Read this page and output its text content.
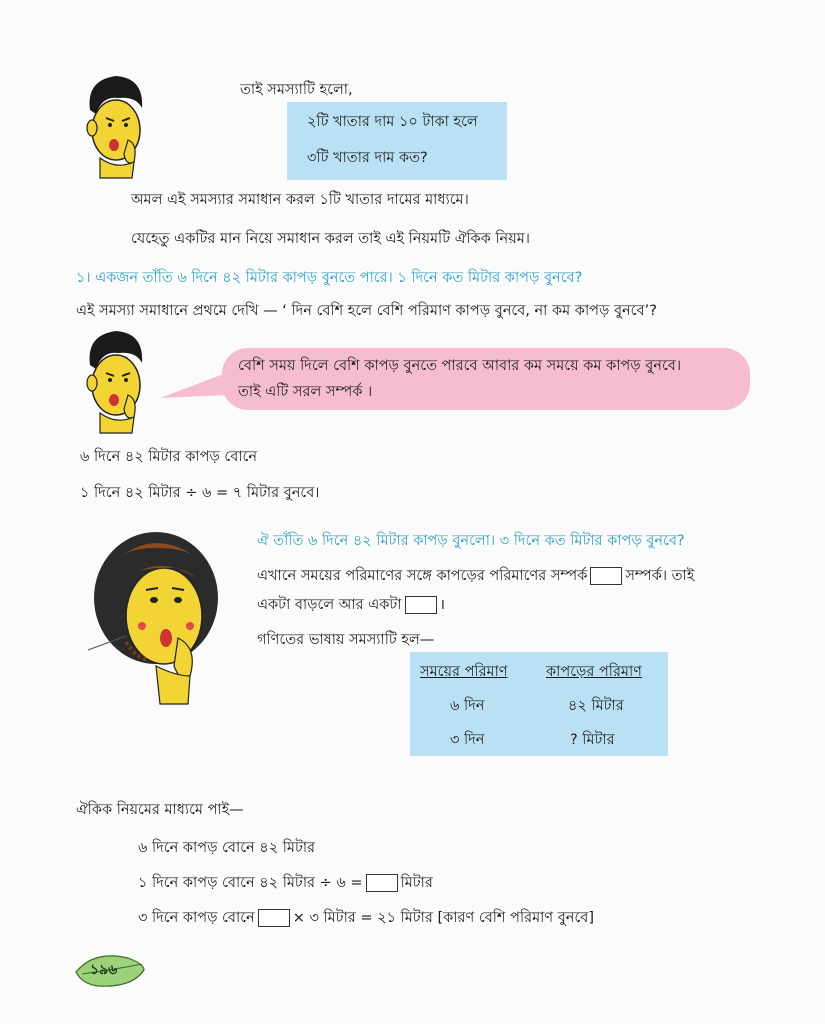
তাই সমস্যাটি হলো,
২টি খাতার দাম ১০ টাকা হলে
৩টি খাতার দাম কত?
অমল এই সমস্যার সমাধান করল ১টি খাতার দামের মাধ্যমে।
যেহেতু একটির মান নিয়ে সমাধান করল তাই এই নিয়মটি ঐকিক নিয়ম।
১। একজন তাঁতি ৬ দিনে ৪২ মিটার কাপড় বুনতে পারে। ১ দিনে কত মিটার কাপড় বুনবে?
এই সমস্যা সমাধানে প্রথমে দেখি — ‘ দিন বেশি হলে বেশি পরিমাণ কাপড় বুনবে, না কম কাপড় বুনবে’?
বেশি সময় দিলে বেশি কাপড় বুনতে পারবে আবার কম সময়ে কম কাপড় বুনবে।
তাই এটি সরল সম্পর্ক ।
৬ দিনে ৪২ মিটার কাপড় বোনে
১ দিনে ৪২ মিটার ÷ ৬ = ৭ মিটার বুনবে।
ঐ তাঁতি ৬ দিনে ৪২ মিটার কাপড় বুনলো। ৩ দিনে কত মিটার কাপড় বুনবে?
এখানে সময়ের পরিমাণের সঙ্গে কাপড়ের পরিমাণের সম্পর্ক	সম্পর্ক। তাই
একটা বাড়লে আর একটা	।
গণিতের ভাষায় সমস্যাটি হল—
সময়ের পরিমাণ	কাপড়ের পরিমাণ
৬ দিন	৪২ মিটার
৩ দিন	? মিটার
ঐকিক নিয়মের মাধ্যমে পাই—
৬ দিনে কাপড় বোনে ৪২ মিটার
১ দিনে কাপড় বোনে ৪২ মিটার ÷ ৬ =	মিটার
৩ দিনে কাপড় বোনে	× ৩ মিটার = ২১ মিটার [কারণ বেশি পরিমাণ বুনবে]
১৯৬
